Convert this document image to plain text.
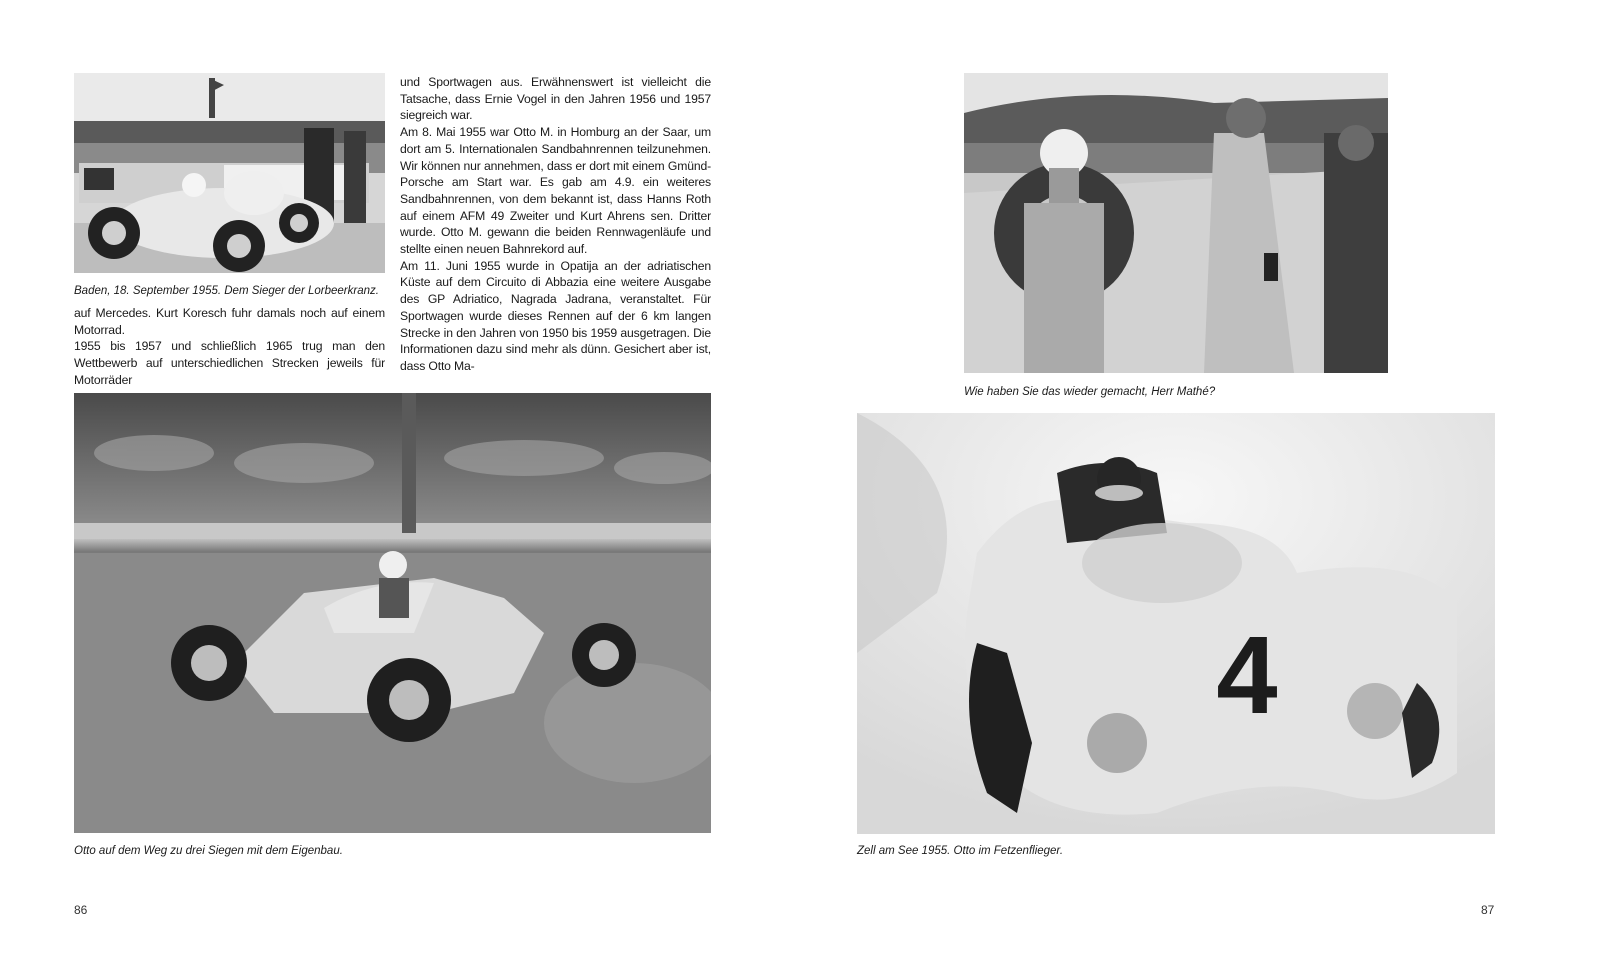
Baden, 18. September 1955. Dem Sieger der Lorbeerkranz.

auf Mercedes. Kurt Koresch fuhr damals noch auf einem Motorrad.

1955 bis 1957 und schließlich 1965 trug man den Wettbewerb auf unterschiedlichen Strecken jeweils für Motorräder

und Sportwagen aus. Erwähnenswert ist vielleicht die Tatsache, dass Ernie Vogel in den Jahren 1956 und 1957 siegreich war.

Am 8. Mai 1955 war Otto M. in Homburg an der Saar, um dort am 5. Internationalen Sandbahnrennen teilzunehmen. Wir können nur annehmen, dass er dort mit einem Gmünd-Porsche am Start war. Es gab am 4.9. ein weiteres Sandbahnrennen, von dem bekannt ist, dass Hanns Roth auf einem AFM 49 Zweiter und Kurt Ahrens sen. Dritter wurde. Otto M. gewann die beiden Rennwagenläufe und stellte einen neuen Bahnrekord auf.

Am 11. Juni 1955 wurde in Opatija an der adriatischen Küste auf dem Circuito di Abbazia eine weitere Ausgabe des GP Adriatico, Nagrada Jadrana, veranstaltet. Für Sportwagen wurde dieses Rennen auf der 6 km langen Strecke in den Jahren von 1950 bis 1959 ausgetragen. Die Informationen dazu sind mehr als dünn. Gesichert aber ist, dass Otto Ma-

Otto auf dem Weg zu drei Siegen mit dem Eigenbau.
86
Wie haben Sie das wieder gemacht, Herr Mathé?
4
Zell am See 1955. Otto im Fetzenflieger.
87
